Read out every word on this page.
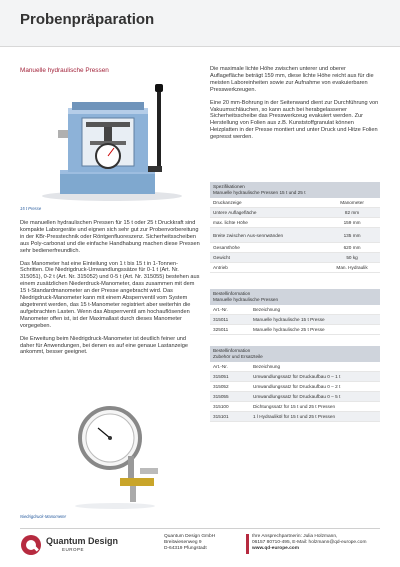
Probenpräparation
Manuelle hydraulische Pressen
15 t Presse

Die manuellen hydraulischen Pressen für 15 t oder 25 t Druckkraft sind kompakte Laborgeräte und eignen sich sehr gut zur Probenvorbereitung in der KBr-Presstechnik oder Röntgenfluoreszenz. Sicherheitsscheiben aus Poly-carbonat und die einfache Handhabung machen diese Pressen sehr bedienerfreundlich.

Das Manometer hat eine Einteilung von 1 t bis 15 t in 1-Tonnen-Schritten. Die Niedrigdruck-Umwandlungssätze für 0-1 t (Art. Nr. 315051), 0-2 t (Art. Nr. 315052) und 0-5 t (Art. Nr. 315055) bestehen aus einem zusätzlichen Niederdruck-Manometer, dass zusammen mit dem 15 t-Standardmanometer an der Presse angebracht wird. Das Niedrigdruck-Manometer kann mit einem Absperrventil vom System abgetrennt werden, das 15 t-Manometer registriert aber weiterhin die aufgebrachten Lasten. Wenn das Absperrventil am hochauflösenden Manometer offen ist, ist der Maximallast durch dieses Manometer vorgegeben.

Die Erweitung beim Niedrigdruck-Manometer ist deutlich feiner und daher für Anwendungen, bei denen es auf eine genaue Lastanzeige ankommt, besser geeignet.

Niedrigdruck-Manometer

Die maximale lichte Höhe zwischen unterer und oberer Auflagefläche beträgt 159 mm, diese lichte Höhe reicht aus für die meisten Laboreinheiten sowie zur Aufnahme von evakuierbaren Presswerkzeugen.

Eine 20 mm-Bohrung in der Seitenwand dient zur Durchführung von Vakuumschläuchen, so kann auch bei herabgelassener Sicherheitsscheibe das Presswerkzeug evakuiert werden. Zur Herstellung von Folien aus z.B. Kunststoffgranulat können Heizplatten in der Presse montiert und unter Druck und Hitze Folien gepresst werden.

Spezifikationen
Manuelle hydraulische Pressen 15 t und 25 t
Druckanzeige	Manometer
Untere Auflagefläche	82 mm
max. lichte Höhe	159 mm
Breite zwischen Aus-sennwänden	135 mm
Gesamthöhe	620 mm
Gewicht	50 kg
Antrieb	Man. Hydraulik
Bestellinformation
Manuelle hydraulische Pressen
Art.-Nr.	Bezeichnung
315011	Manuelle hydraulische 15 t Presse
325011	Manuelle hydraulische 25 t Presse
Bestellinformation
Zubehör und Ersatzteile
Art.-Nr.	Bezeichnung
315051	Umwandlungssatz für Druckaufbau 0 – 1 t
315052	Umwandlungssatz für Druckaufbau 0 – 2 t
315055	Umwandlungssatz für Druckaufbau 0 – 5 t
315100	Dichtungssatz für 15 t und 25 t Pressen
315101	1 l Hydrauliköl für 15 t und 25 t Pressen
Quantum Design
EUROPE
Quantum Design GmbH
Breitwiesenweg 9
D-64319 Pfungstadt
Ihre Ansprechpartnerin: Julia Holzmann,
06157 80710-495, E-Mail: holzmann@qd-europe.com
www.qd-europe.com
